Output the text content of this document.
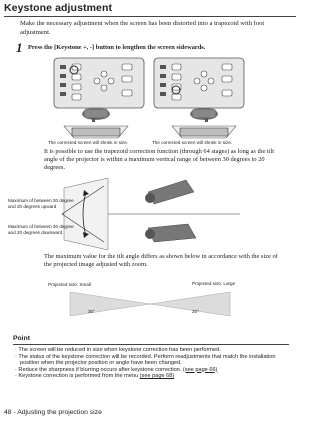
Keystone adjustment
Make the necessary adjustment when the screen has been distorted into a trapezoid with foot adjustment.
1 Press the [Keystone +, -] button to lengthen the screen sidewards.
The corrected screen will shrink in size.	The corrected screen will shrink in size.
It is possible to use the trapezoid correction function (through 64 stages) as long as the tilt angle of the projector is within a maximum vertical range of between 30 degrees to 20 degrees.
Maximum of between 30 degree
and 20 degrees upward
Maximum of between 30 degree
and 20 degrees downward
The maximum value for the tilt angle differs as shown below in accordance with the size of the projected image adjusted with zoom.
Projected size: Small	Projected size: Large
30°	20°
Point
· The screen will be reduced in size when keystone correction has been performed.
· The status of the keystone correction will be recorded. Perform readjustments that match the installation position when the projector position or angle have been changed.
· Reduce the sharpness if blurring occurs after keystone correction. (see page 66)
· Keystone correction is performed from the menu (see page 68)
48 - Adjusting the projection size
